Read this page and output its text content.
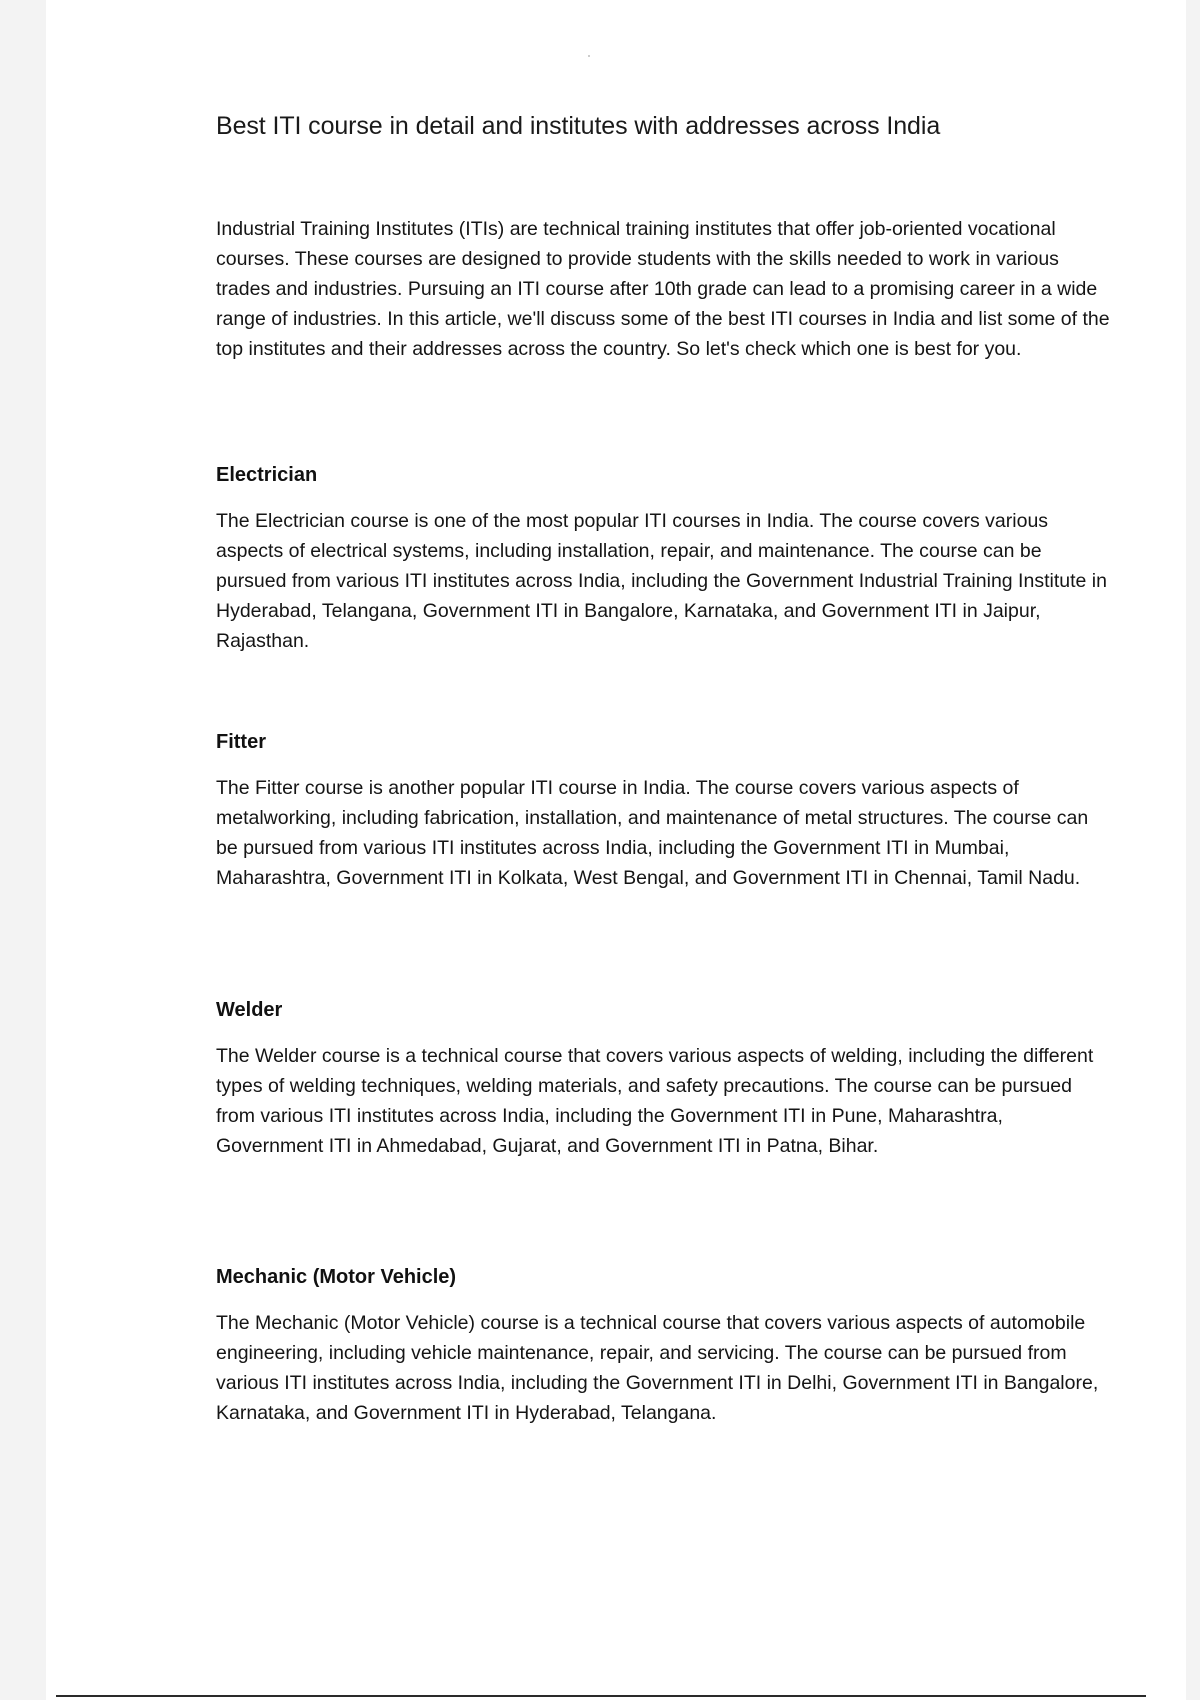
Best ITI course in detail and institutes with addresses across India

Industrial Training Institutes (ITIs) are technical training institutes that offer job-oriented vocational courses. These courses are designed to provide students with the skills needed to work in various trades and industries. Pursuing an ITI course after 10th grade can lead to a promising career in a wide range of industries. In this article, we'll discuss some of the best ITI courses in India and list some of the top institutes and their addresses across the country. So let's check which one is best for you.

Electrician

The Electrician course is one of the most popular ITI courses in India. The course covers various aspects of electrical systems, including installation, repair, and maintenance. The course can be pursued from various ITI institutes across India, including the Government Industrial Training Institute in Hyderabad, Telangana, Government ITI in Bangalore, Karnataka, and Government ITI in Jaipur, Rajasthan.

Fitter

The Fitter course is another popular ITI course in India. The course covers various aspects of metalworking, including fabrication, installation, and maintenance of metal structures. The course can be pursued from various ITI institutes across India, including the Government ITI in Mumbai, Maharashtra, Government ITI in Kolkata, West Bengal, and Government ITI in Chennai, Tamil Nadu.

Welder

The Welder course is a technical course that covers various aspects of welding, including the different types of welding techniques, welding materials, and safety precautions. The course can be pursued from various ITI institutes across India, including the Government ITI in Pune, Maharashtra, Government ITI in Ahmedabad, Gujarat, and Government ITI in Patna, Bihar.

Mechanic (Motor Vehicle)

The Mechanic (Motor Vehicle) course is a technical course that covers various aspects of automobile engineering, including vehicle maintenance, repair, and servicing. The course can be pursued from various ITI institutes across India, including the Government ITI in Delhi, Government ITI in Bangalore, Karnataka, and Government ITI in Hyderabad, Telangana.
